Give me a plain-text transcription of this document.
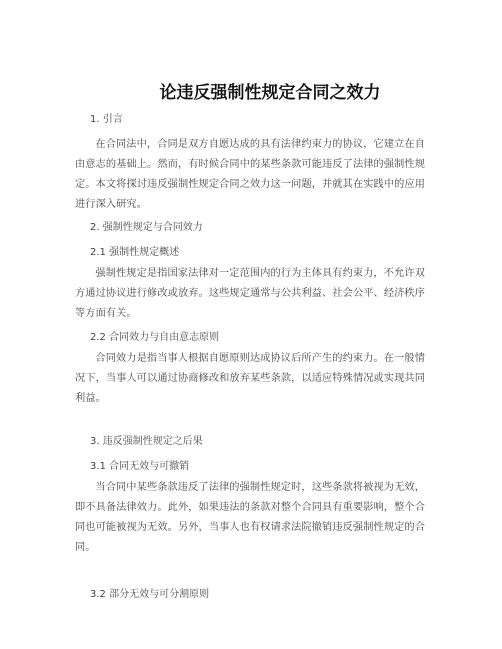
论违反强制性规定合同之效力
1. 引言
在合同法中，合同是双方自愿达成的具有法律约束力的协议，它建立在自由意志的基础上。然而，有时候合同中的某些条款可能违反了法律的强制性规定。本文将探讨违反强制性规定合同之效力这一问题，并就其在实践中的应用进行深入研究。
2. 强制性规定与合同效力
2.1 强制性规定概述
强制性规定是指国家法律对一定范围内的行为主体具有约束力，不允许双方通过协议进行修改或放弃。这些规定通常与公共利益、社会公平、经济秩序等方面有关。
2.2 合同效力与自由意志原则
合同效力是指当事人根据自愿原则达成协议后所产生的约束力。在一般情况下，当事人可以通过协商修改和放弃某些条款，以适应特殊情况或实现共同利益。
3. 违反强制性规定之后果
3.1 合同无效与可撤销
当合同中某些条款违反了法律的强制性规定时，这些条款将被视为无效，即不具备法律效力。此外，如果违法的条款对整个合同具有重要影响，整个合同也可能被视为无效。另外，当事人也有权请求法院撤销违反强制性规定的合同。
3.2 部分无效与可分割原则
